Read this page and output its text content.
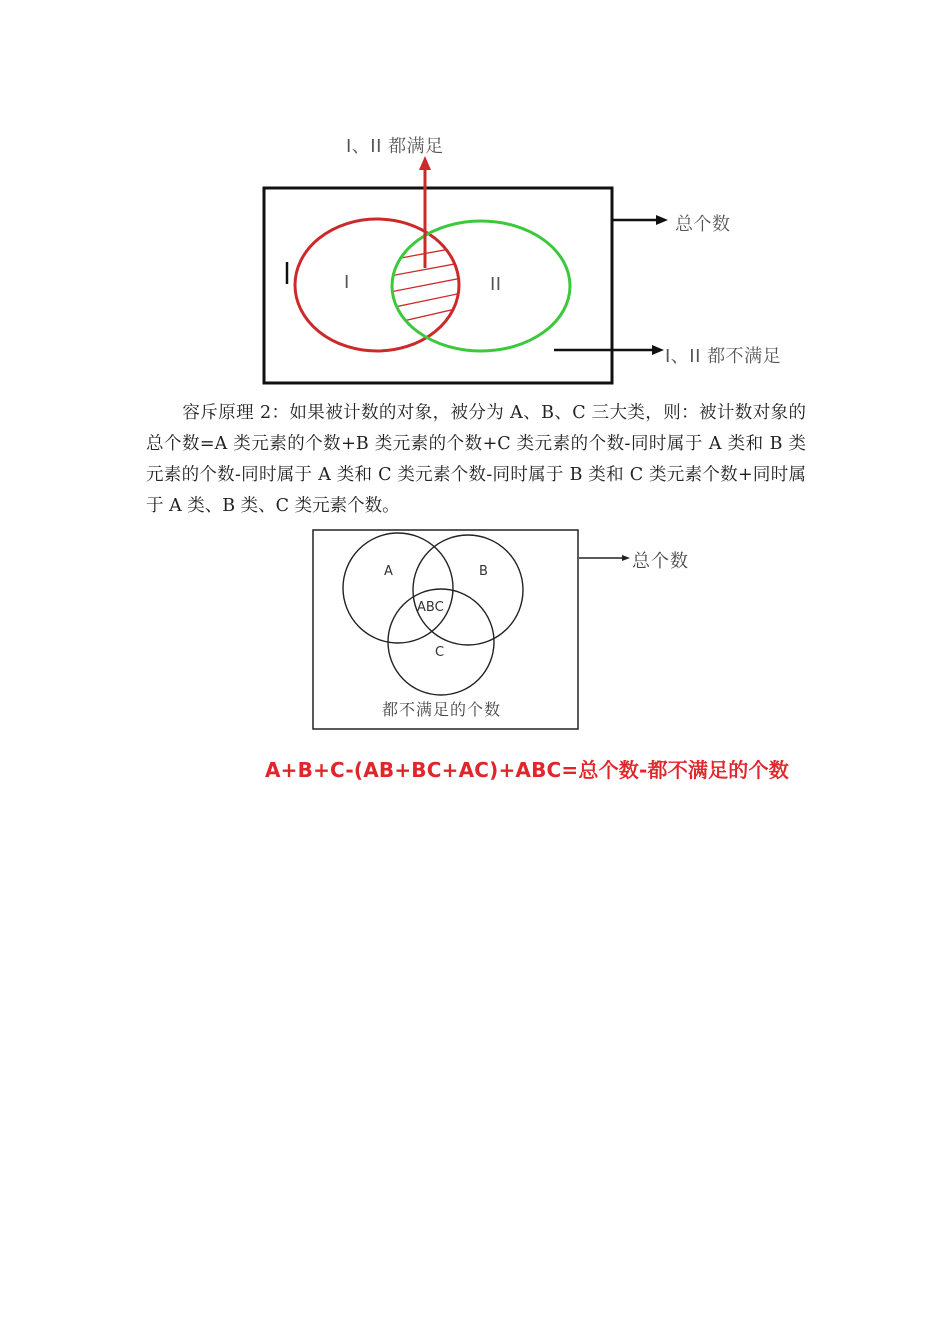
I、II 都满足
总个数
I、II 都不满足
I	II
容斥原理 2：如果被计数的对象，被分为 A、B、C 三大类，则：被计数对象的总个数=A 类元素的个数+B 类元素的个数+C 类元素的个数-同时属于 A 类和 B 类元素的个数-同时属于 A 类和 C 类元素个数-同时属于 B 类和 C 类元素个数+同时属于 A 类、B 类、C 类元素个数。
A	B
C
ABC
都不满足的个数
总个数
A+B+C-(AB+BC+AC)+ABC=总个数-都不满足的个数
